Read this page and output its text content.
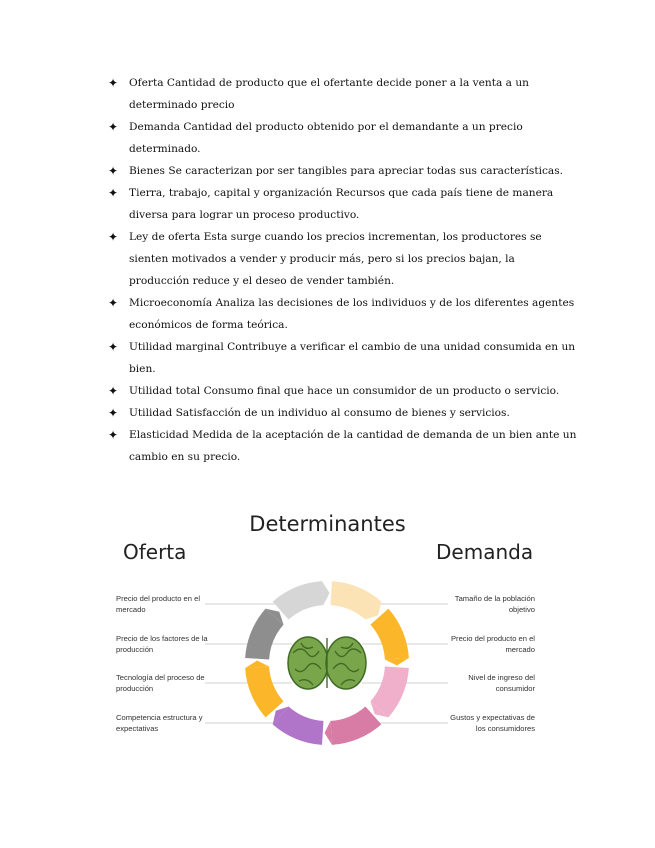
✦ Oferta Cantidad de producto que el ofertante decide poner a la venta a un determinado precio
✦ Demanda Cantidad del producto obtenido por el demandante a un precio determinado.
✦ Bienes Se caracterizan por ser tangibles para apreciar todas sus características.
✦ Tierra, trabajo, capital y organización Recursos que cada país tiene de manera diversa para lograr un proceso productivo.
✦ Ley de oferta Esta surge cuando los precios incrementan, los productores se sienten motivados a vender y producir más, pero si los precios bajan, la producción reduce y el deseo de vender también.
✦ Microeconomía Analiza las decisiones de los individuos y de los diferentes agentes económicos de forma teórica.
✦ Utilidad marginal Contribuye a verificar el cambio de una unidad consumida en un bien.
✦ Utilidad total Consumo final que hace un consumidor de un producto o servicio.
✦ Utilidad Satisfacción de un individuo al consumo de bienes y servicios.
✦ Elasticidad Medida de la aceptación de la cantidad de demanda de un bien ante un cambio en su precio.
Determinantes
Oferta	Demanda
Precio del producto en el mercado
Precio de los factores de la producción
Tecnología del proceso de producción
Competencia estructura y expectativas
Tamaño de la población objetivo
Precio del producto en el mercado
Nivel de ingreso del consumidor
Gustos y expectativas de los consumidores
